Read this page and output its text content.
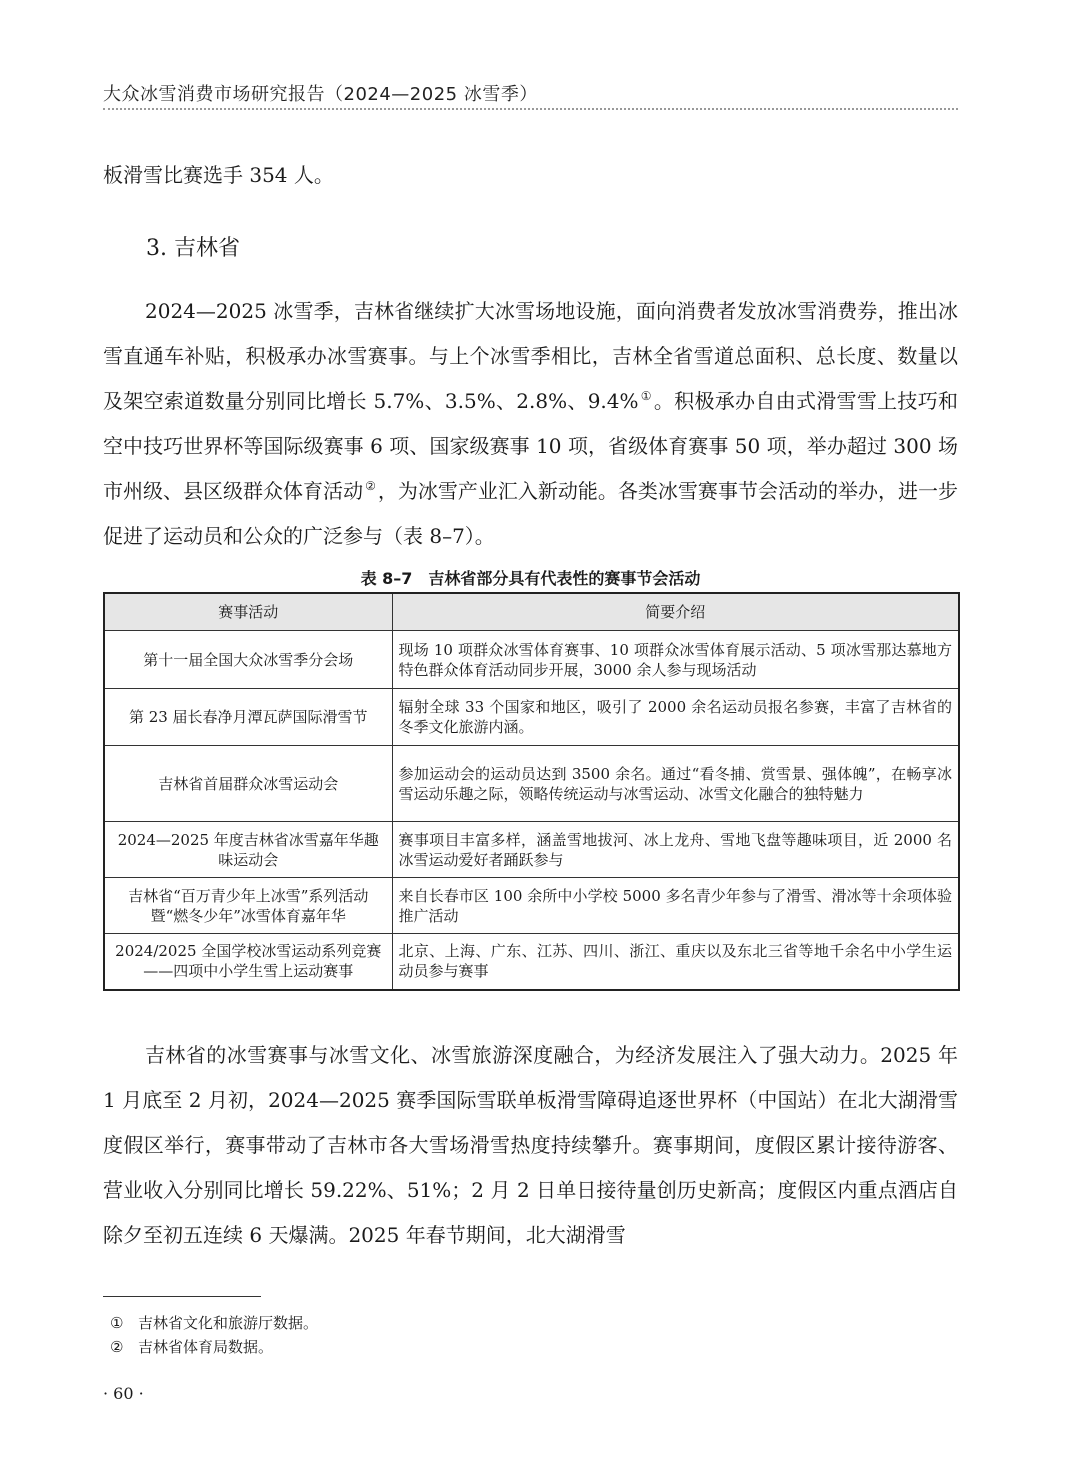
大众冰雪消费市场研究报告（2024—2025 冰雪季）
板滑雪比赛选手 354 人。
3. 吉林省
2024—2025 冰雪季，吉林省继续扩大冰雪场地设施，面向消费者发放冰雪消费券，推出冰雪直通车补贴，积极承办冰雪赛事。与上个冰雪季相比，吉林全省雪道总面积、总长度、数量以及架空索道数量分别同比增长 5.7%、3.5%、2.8%、9.4% ① 。积极承办自由式滑雪雪上技巧和空中技巧世界杯等国际级赛事 6 项、国家级赛事 10 项，省级体育赛事 50 项，举办超过 300 场市州级、县区级群众体育活动 ② ，为冰雪产业汇入新动能。各类冰雪赛事节会活动的举办，进一步促进了运动员和公众的广泛参与（表 8–7）。
表 8–7 吉林省部分具有代表性的赛事节会活动
赛事活动	简要介绍
第十一届全国大众冰雪季分会场	现场 10 项群众冰雪体育赛事、10 项群众冰雪体育展示活动、5 项冰雪那达慕地方特色群众体育活动同步开展，3000 余人参与现场活动
第 23 届长春净月潭瓦萨国际滑雪节	辐射全球 33 个国家和地区，吸引了 2000 余名运动员报名参赛，丰富了吉林省的冬季文化旅游内涵。
吉林省首届群众冰雪运动会	参加运动会的运动员达到 3500 余名。通过“看冬捕、赏雪景、强体魄”，在畅享冰雪运动乐趣之际，领略传统运动与冰雪运动、冰雪文化融合的独特魅力
2024—2025 年度吉林省冰雪嘉年华趣味运动会	赛事项目丰富多样，涵盖雪地拔河、冰上龙舟、雪地飞盘等趣味项目，近 2000 名冰雪运动爱好者踊跃参与
吉林省“百万青少年上冰雪”系列活动暨“燃冬少年”冰雪体育嘉年华	来自长春市区 100 余所中小学校 5000 多名青少年参与了滑雪、滑冰等十余项体验推广活动
2024/2025 全国学校冰雪运动系列竞赛——四项中小学生雪上运动赛事	北京、上海、广东、江苏、四川、浙江、重庆以及东北三省等地千余名中小学生运动员参与赛事
吉林省的冰雪赛事与冰雪文化、冰雪旅游深度融合，为经济发展注入了强大动力。2025 年 1 月底至 2 月初，2024—2025 赛季国际雪联单板滑雪障碍追逐世界杯（中国站）在北大湖滑雪度假区举行，赛事带动了吉林市各大雪场滑雪热度持续攀升。赛事期间，度假区累计接待游客、营业收入分别同比增长 59.22%、51%；2 月 2 日单日接待量创历史新高；度假区内重点酒店自除夕至初五连续 6 天爆满。2025 年春节期间，北大湖滑雪
① 吉林省文化和旅游厅数据。
② 吉林省体育局数据。
· 60 ·
